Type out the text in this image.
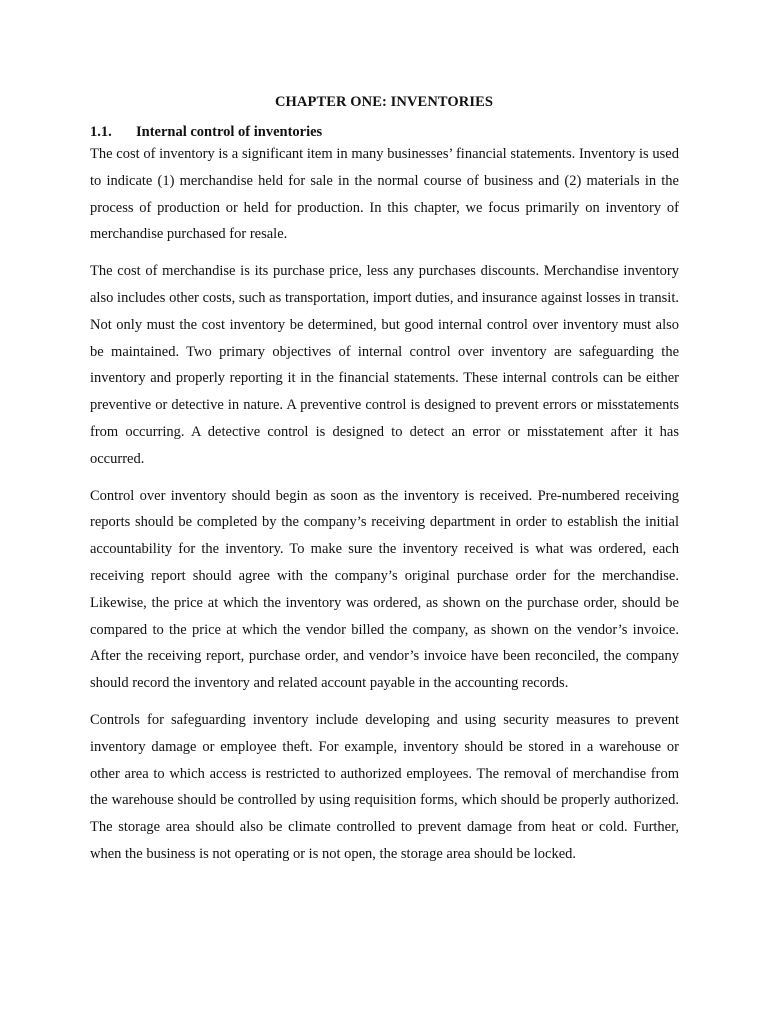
CHAPTER ONE: INVENTORIES
1.1. Internal control of inventories

The cost of inventory is a significant item in many businesses’ financial statements. Inventory is used to indicate (1) merchandise held for sale in the normal course of business and (2) materials in the process of production or held for production. In this chapter, we focus primarily on inventory of merchandise purchased for resale.

The cost of merchandise is its purchase price, less any purchases discounts. Merchandise inventory also includes other costs, such as transportation, import duties, and insurance against losses in transit. Not only must the cost inventory be determined, but good internal control over inventory must also be maintained. Two primary objectives of internal control over inventory are safeguarding the inventory and properly reporting it in the financial statements. These internal controls can be either preventive or detective in nature. A preventive control is designed to prevent errors or misstatements from occurring. A detective control is designed to detect an error or misstatement after it has occurred.

Control over inventory should begin as soon as the inventory is received. Pre-numbered receiving reports should be completed by the company’s receiving department in order to establish the initial accountability for the inventory. To make sure the inventory received is what was ordered, each receiving report should agree with the company’s original purchase order for the merchandise. Likewise, the price at which the inventory was ordered, as shown on the purchase order, should be compared to the price at which the vendor billed the company, as shown on the vendor’s invoice. After the receiving report, purchase order, and vendor’s invoice have been reconciled, the company should record the inventory and related account payable in the accounting records.

Controls for safeguarding inventory include developing and using security measures to prevent inventory damage or employee theft. For example, inventory should be stored in a warehouse or other area to which access is restricted to authorized employees. The removal of merchandise from the warehouse should be controlled by using requisition forms, which should be properly authorized. The storage area should also be climate controlled to prevent damage from heat or cold. Further, when the business is not operating or is not open, the storage area should be locked.
